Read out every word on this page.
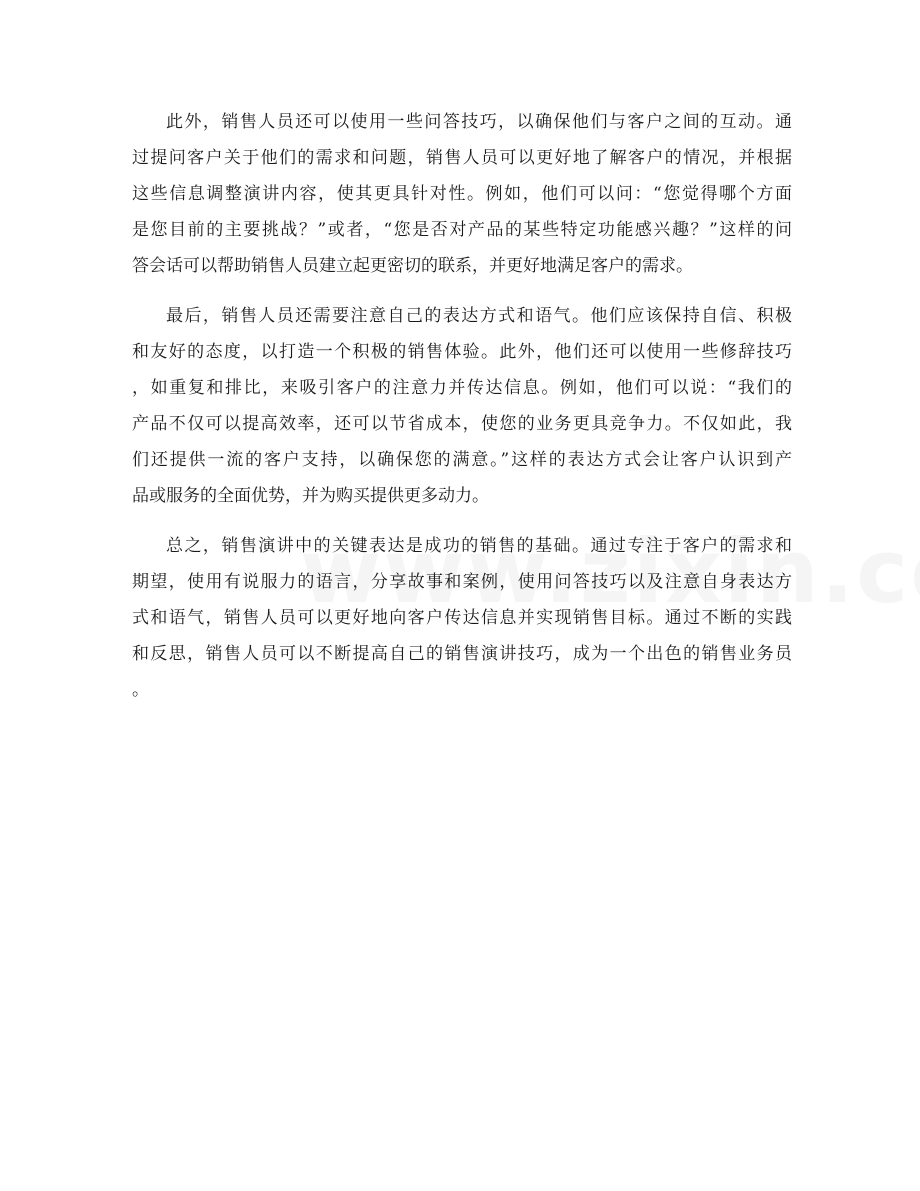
此外，销售人员还可以使用一些问答技巧，以确保他们与客户之间的互动。通
过提问客户关于他们的需求和问题，销售人员可以更好地了解客户的情况，并根据
这些信息调整演讲内容，使其更具针对性。例如，他们可以问：“您觉得哪个方面
是您目前的主要挑战？”或者，“您是否对产品的某些特定功能感兴趣？”这样的问
答会话可以帮助销售人员建立起更密切的联系，并更好地满足客户的需求。
最后，销售人员还需要注意自己的表达方式和语气。他们应该保持自信、积极
和友好的态度，以打造一个积极的销售体验。此外，他们还可以使用一些修辞技巧
，如重复和排比，来吸引客户的注意力并传达信息。例如，他们可以说：“我们的
产品不仅可以提高效率，还可以节省成本，使您的业务更具竞争力。不仅如此，我
们还提供一流的客户支持，以确保您的满意。”这样的表达方式会让客户认识到产
品或服务的全面优势，并为购买提供更多动力。
总之，销售演讲中的关键表达是成功的销售的基础。通过专注于客户的需求和
期望，使用有说服力的语言，分享故事和案例，使用问答技巧以及注意自身表达方
式和语气，销售人员可以更好地向客户传达信息并实现销售目标。通过不断的实践
和反思，销售人员可以不断提高自己的销售演讲技巧，成为一个出色的销售业务员
。
